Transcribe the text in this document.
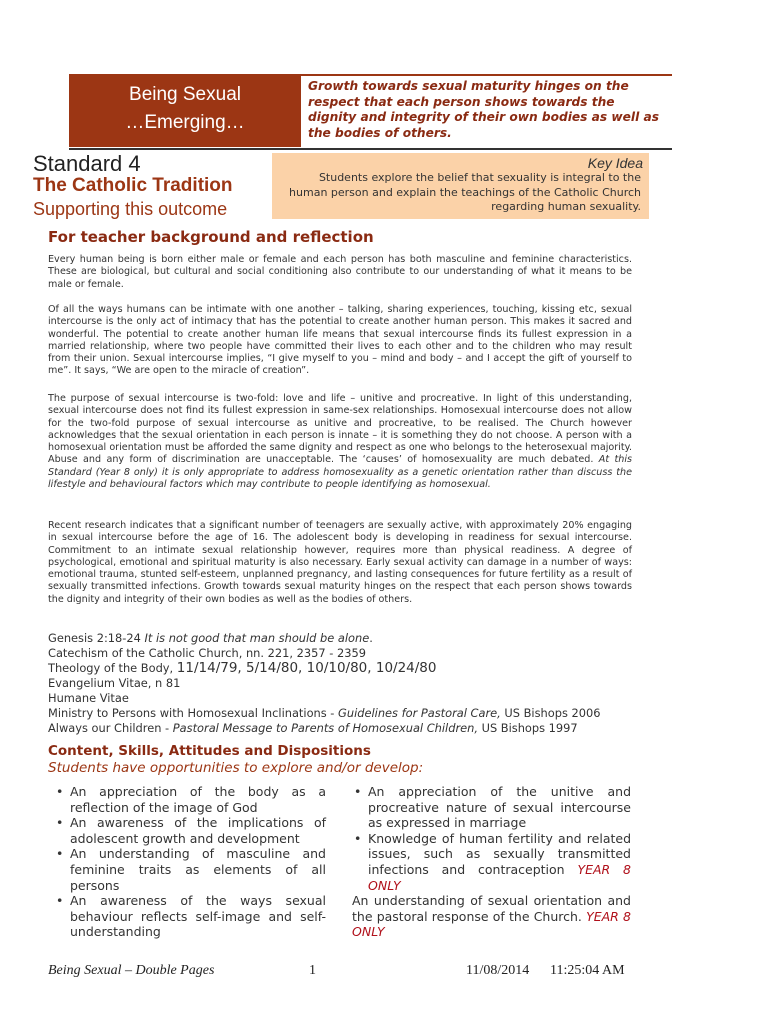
Being Sexual
…Emerging…
Growth towards sexual maturity hinges on the respect that each person shows towards the dignity and integrity of their own bodies as well as the bodies of others.
Standard 4
The Catholic Tradition
Supporting this outcome
Key Idea
Students explore the belief that sexuality is integral to the human person and explain the teachings of the Catholic Church regarding human sexuality.
For teacher background and reflection
Every human being is born either male or female and each person has both masculine and feminine characteristics. These are biological, but cultural and social conditioning also contribute to our understanding of what it means to be male or female.
Of all the ways humans can be intimate with one another – talking, sharing experiences, touching, kissing etc, sexual intercourse is the only act of intimacy that has the potential to create another human person. This makes it sacred and wonderful. The potential to create another human life means that sexual intercourse finds its fullest expression in a married relationship, where two people have committed their lives to each other and to the children who may result from their union. Sexual intercourse implies, “I give myself to you – mind and body – and I accept the gift of yourself to me”. It says, “We are open to the miracle of creation”.
The purpose of sexual intercourse is two-fold: love and life – unitive and procreative. In light of this understanding, sexual intercourse does not find its fullest expression in same-sex relationships. Homosexual intercourse does not allow for the two-fold purpose of sexual intercourse as unitive and procreative, to be realised. The Church however acknowledges that the sexual orientation in each person is innate – it is something they do not choose. A person with a homosexual orientation must be afforded the same dignity and respect as one who belongs to the heterosexual majority. Abuse and any form of discrimination are unacceptable. The ‘causes’ of homosexuality are much debated. At this Standard (Year 8 only) it is only appropriate to address homosexuality as a genetic orientation rather than discuss the lifestyle and behavioural factors which may contribute to people identifying as homosexual.
Recent research indicates that a significant number of teenagers are sexually active, with approximately 20% engaging in sexual intercourse before the age of 16. The adolescent body is developing in readiness for sexual intercourse. Commitment to an intimate sexual relationship however, requires more than physical readiness. A degree of psychological, emotional and spiritual maturity is also necessary. Early sexual activity can damage in a number of ways: emotional trauma, stunted self-esteem, unplanned pregnancy, and lasting consequences for future fertility as a result of sexually transmitted infections. Growth towards sexual maturity hinges on the respect that each person shows towards the dignity and integrity of their own bodies as well as the bodies of others.
Genesis 2:18-24 It is not good that man should be alone.
Catechism of the Catholic Church, nn. 221, 2357 - 2359
Theology of the Body, 11/14/79, 5/14/80, 10/10/80, 10/24/80
Evangelium Vitae, n 81
Humane Vitae
Ministry to Persons with Homosexual Inclinations - Guidelines for Pastoral Care, US Bishops 2006
Always our Children - Pastoral Message to Parents of Homosexual Children, US Bishops 1997
Content, Skills, Attitudes and Dispositions
Students have opportunities to explore and/or develop:
• An appreciation of the body as a reflection of the image of God
• An awareness of the implications of adolescent growth and development
• An understanding of masculine and feminine traits as elements of all persons
• An awareness of the ways sexual behaviour reflects self-image and self-understanding
• An appreciation of the unitive and procreative nature of sexual intercourse as expressed in marriage
• Knowledge of human fertility and related issues, such as sexually transmitted infections and contraception YEAR 8 ONLY
An understanding of sexual orientation and the pastoral response of the Church. YEAR 8 ONLY
Being Sexual – Double Pages	1	11/08/2014 11:25:04 AM
